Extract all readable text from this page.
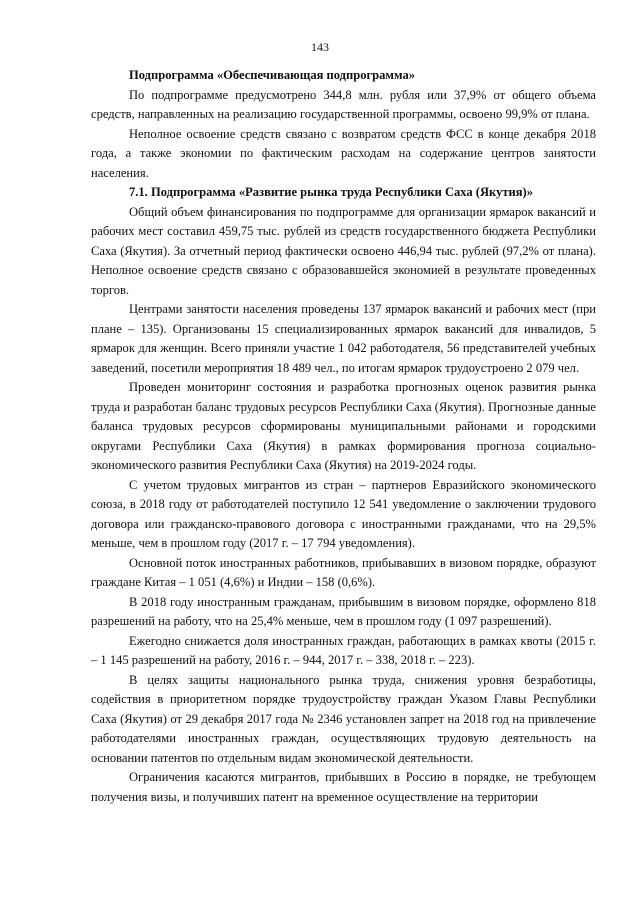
143

Подпрограмма «Обеспечивающая подпрограмма»

По подпрограмме предусмотрено 344,8 млн. рубля или 37,9% от общего объема средств, направленных на реализацию государственной программы, освоено 99,9% от плана.

Неполное освоение средств связано с возвратом средств ФСС в конце декабря 2018 года, а также экономии по фактическим расходам на содержание центров занятости населения.

7.1. Подпрограмма «Развитие рынка труда Республики Саха (Якутия)»

Общий объем финансирования по подпрограмме для организации ярмарок вакансий и рабочих мест составил 459,75 тыс. рублей из средств государственного бюджета Республики Саха (Якутия). За отчетный период фактически освоено 446,94 тыс. рублей (97,2% от плана). Неполное освоение средств связано с образовавшейся экономией в результате проведенных торгов.

Центрами занятости населения проведены 137 ярмарок вакансий и рабочих мест (при плане – 135). Организованы 15 специализированных ярмарок вакансий для инвалидов, 5 ярмарок для женщин. Всего приняли участие 1 042 работодателя, 56 представителей учебных заведений, посетили мероприятия 18 489 чел., по итогам ярмарок трудоустроено 2 079 чел.

Проведен мониторинг состояния и разработка прогнозных оценок развития рынка труда и разработан баланс трудовых ресурсов Республики Саха (Якутия). Прогнозные данные баланса трудовых ресурсов сформированы муниципальными районами и городскими округами Республики Саха (Якутия) в рамках формирования прогноза социально-экономического развития Республики Саха (Якутия) на 2019-2024 годы.

С учетом трудовых мигрантов из стран – партнеров Евразийского экономического союза, в 2018 году от работодателей поступило 12 541 уведомление о заключении трудового договора или гражданско-правового договора с иностранными гражданами, что на 29,5% меньше, чем в прошлом году (2017 г. – 17 794 уведомления).

Основной поток иностранных работников, прибывавших в визовом порядке, образуют граждане Китая – 1 051 (4,6%) и Индии – 158 (0,6%).

В 2018 году иностранным гражданам, прибывшим в визовом порядке, оформлено 818 разрешений на работу, что на 25,4% меньше, чем в прошлом году (1 097 разрешений).

Ежегодно снижается доля иностранных граждан, работающих в рамках квоты (2015 г. – 1 145 разрешений на работу, 2016 г. – 944, 2017 г. – 338, 2018 г. – 223).

В целях защиты национального рынка труда, снижения уровня безработицы, содействия в приоритетном порядке трудоустройству граждан Указом Главы Республики Саха (Якутия) от 29 декабря 2017 года № 2346 установлен запрет на 2018 год на привлечение работодателями иностранных граждан, осуществляющих трудовую деятельность на основании патентов по отдельным видам экономической деятельности.

Ограничения касаются мигрантов, прибывших в Россию в порядке, не требующем получения визы, и получивших патент на временное осуществление на территории
